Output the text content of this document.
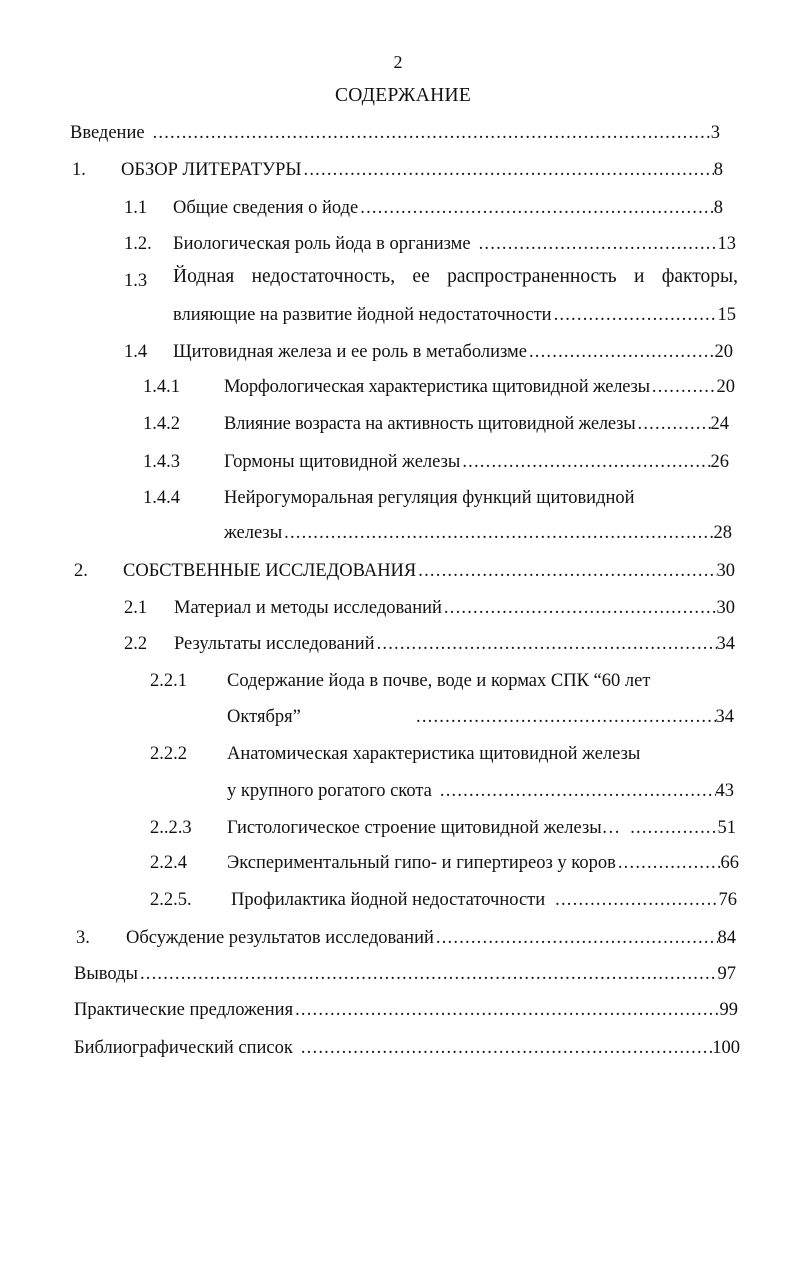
2
СОДЕРЖАНИЕ
Введение .....	3
1. ОБЗОР ЛИТЕРАТУРЫ .....	8
1.1 Общие сведения о йоде .....	8
1.2. Биологическая роль йода в организме .....	13
1.3 Йодная недостаточность, ее распространенность и факторы,
влияющие на развитие йодной недостаточности .....	15
1.4 Щитовидная железа и ее роль в метаболизме .....	20
1.4.1 Морфологическая характеристика щитовидной железы .....	20
1.4.2 Влияние возраста на активность щитовидной железы .....	24
1.4.3 Гормоны щитовидной железы .....	26
1.4.4 Нейрогуморальная регуляция функций щитовидной
железы .....	28
2. СОБСТВЕННЫЕ ИССЛЕДОВАНИЯ .....	30
2.1 Материал и методы исследований .....	30
2.2 Результаты исследований .....	34
2.2.1 Содержание йода в почве, воде и кормах СПК “60 лет
Октября” .....	34
2.2.2 Анатомическая характеристика щитовидной железы
у крупного рогатого скота .....	43
2..2.3 Гистологическое строение щитовидной железы… .....	51
2.2.4 Экспериментальный гипо- и гипертиреоз у коров .....	66
2.2.5. Профилактика йодной недостаточности .....	76
3. Обсуждение результатов исследований .....	84
Выводы .....	97
Практические предложения .....	99
Библиографический список .....	100
